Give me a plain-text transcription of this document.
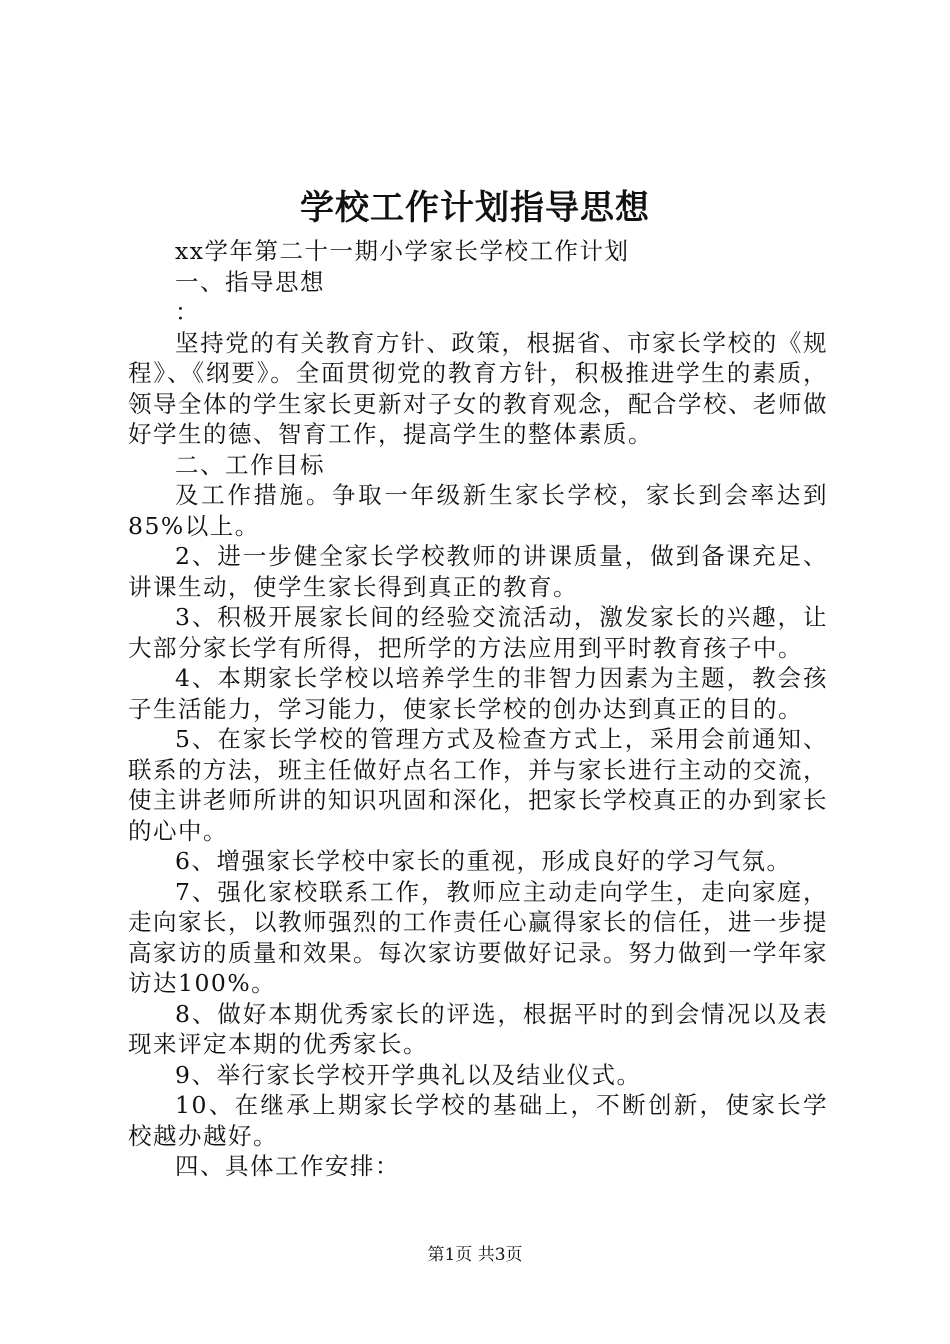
学校工作计划指导思想

xx学年第二十一期小学家长学校工作计划

一、指导思想

：

坚持党的有关教育方针、政策，根据省、市家长学校的《规程》、《纲要》。全面贯彻党的教育方针，积极推进学生的素质，领导全体的学生家长更新对子女的教育观念，配合学校、老师做好学生的德、智育工作，提高学生的整体素质。

二、工作目标

及工作措施。争取一年级新生家长学校，家长到会率达到85%以上。

2、进一步健全家长学校教师的讲课质量，做到备课充足、讲课生动，使学生家长得到真正的教育。

3、积极开展家长间的经验交流活动，激发家长的兴趣，让大部分家长学有所得，把所学的方法应用到平时教育孩子中。

4、本期家长学校以培养学生的非智力因素为主题，教会孩子生活能力，学习能力，使家长学校的创办达到真正的目的。

5、在家长学校的管理方式及检查方式上，采用会前通知、联系的方法，班主任做好点名工作，并与家长进行主动的交流，使主讲老师所讲的知识巩固和深化，把家长学校真正的办到家长的心中。

6、增强家长学校中家长的重视，形成良好的学习气氛。

7、强化家校联系工作，教师应主动走向学生，走向家庭，走向家长，以教师强烈的工作责任心赢得家长的信任，进一步提高家访的质量和效果。每次家访要做好记录。努力做到一学年家访达100%。

8、做好本期优秀家长的评选，根据平时的到会情况以及表现来评定本期的优秀家长。

9、举行家长学校开学典礼以及结业仪式。

10、在继承上期家长学校的基础上，不断创新，使家长学校越办越好。

四、具体工作安排：

第1页 共3页
